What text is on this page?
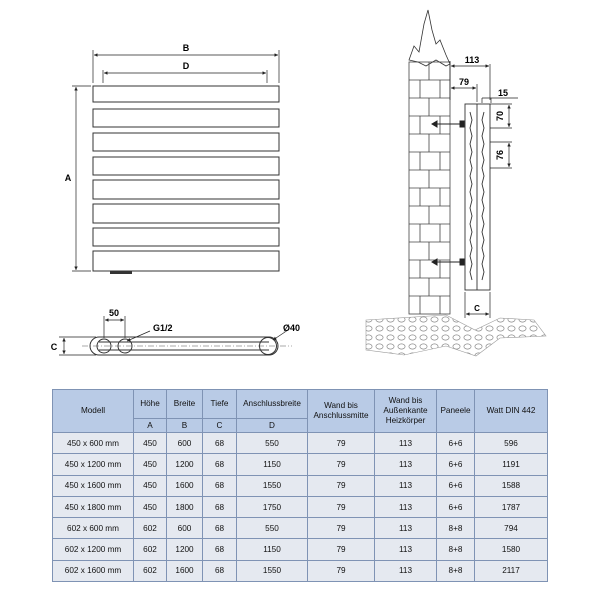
B
D
A
50
G1/2	Ø40
C
113
79
15
70
76
C
Modell	Höhe	Breite	Tiefe	Anschlussbreite	Wand bis Anschlussmitte	Wand bis Außenkante Heizkörper	Paneele	Watt DIN 442
	A	B	C	D				
450 x 600 mm	450	600	68	550	79	113	6+6	596
450 x 1200 mm	450	1200	68	1150	79	113	6+6	1191
450 x 1600 mm	450	1600	68	1550	79	113	6+6	1588
450 x 1800 mm	450	1800	68	1750	79	113	6+6	1787
602 x 600 mm	602	600	68	550	79	113	8+8	794
602 x 1200 mm	602	1200	68	1150	79	113	8+8	1580
602 x 1600 mm	602	1600	68	1550	79	113	8+8	2117
